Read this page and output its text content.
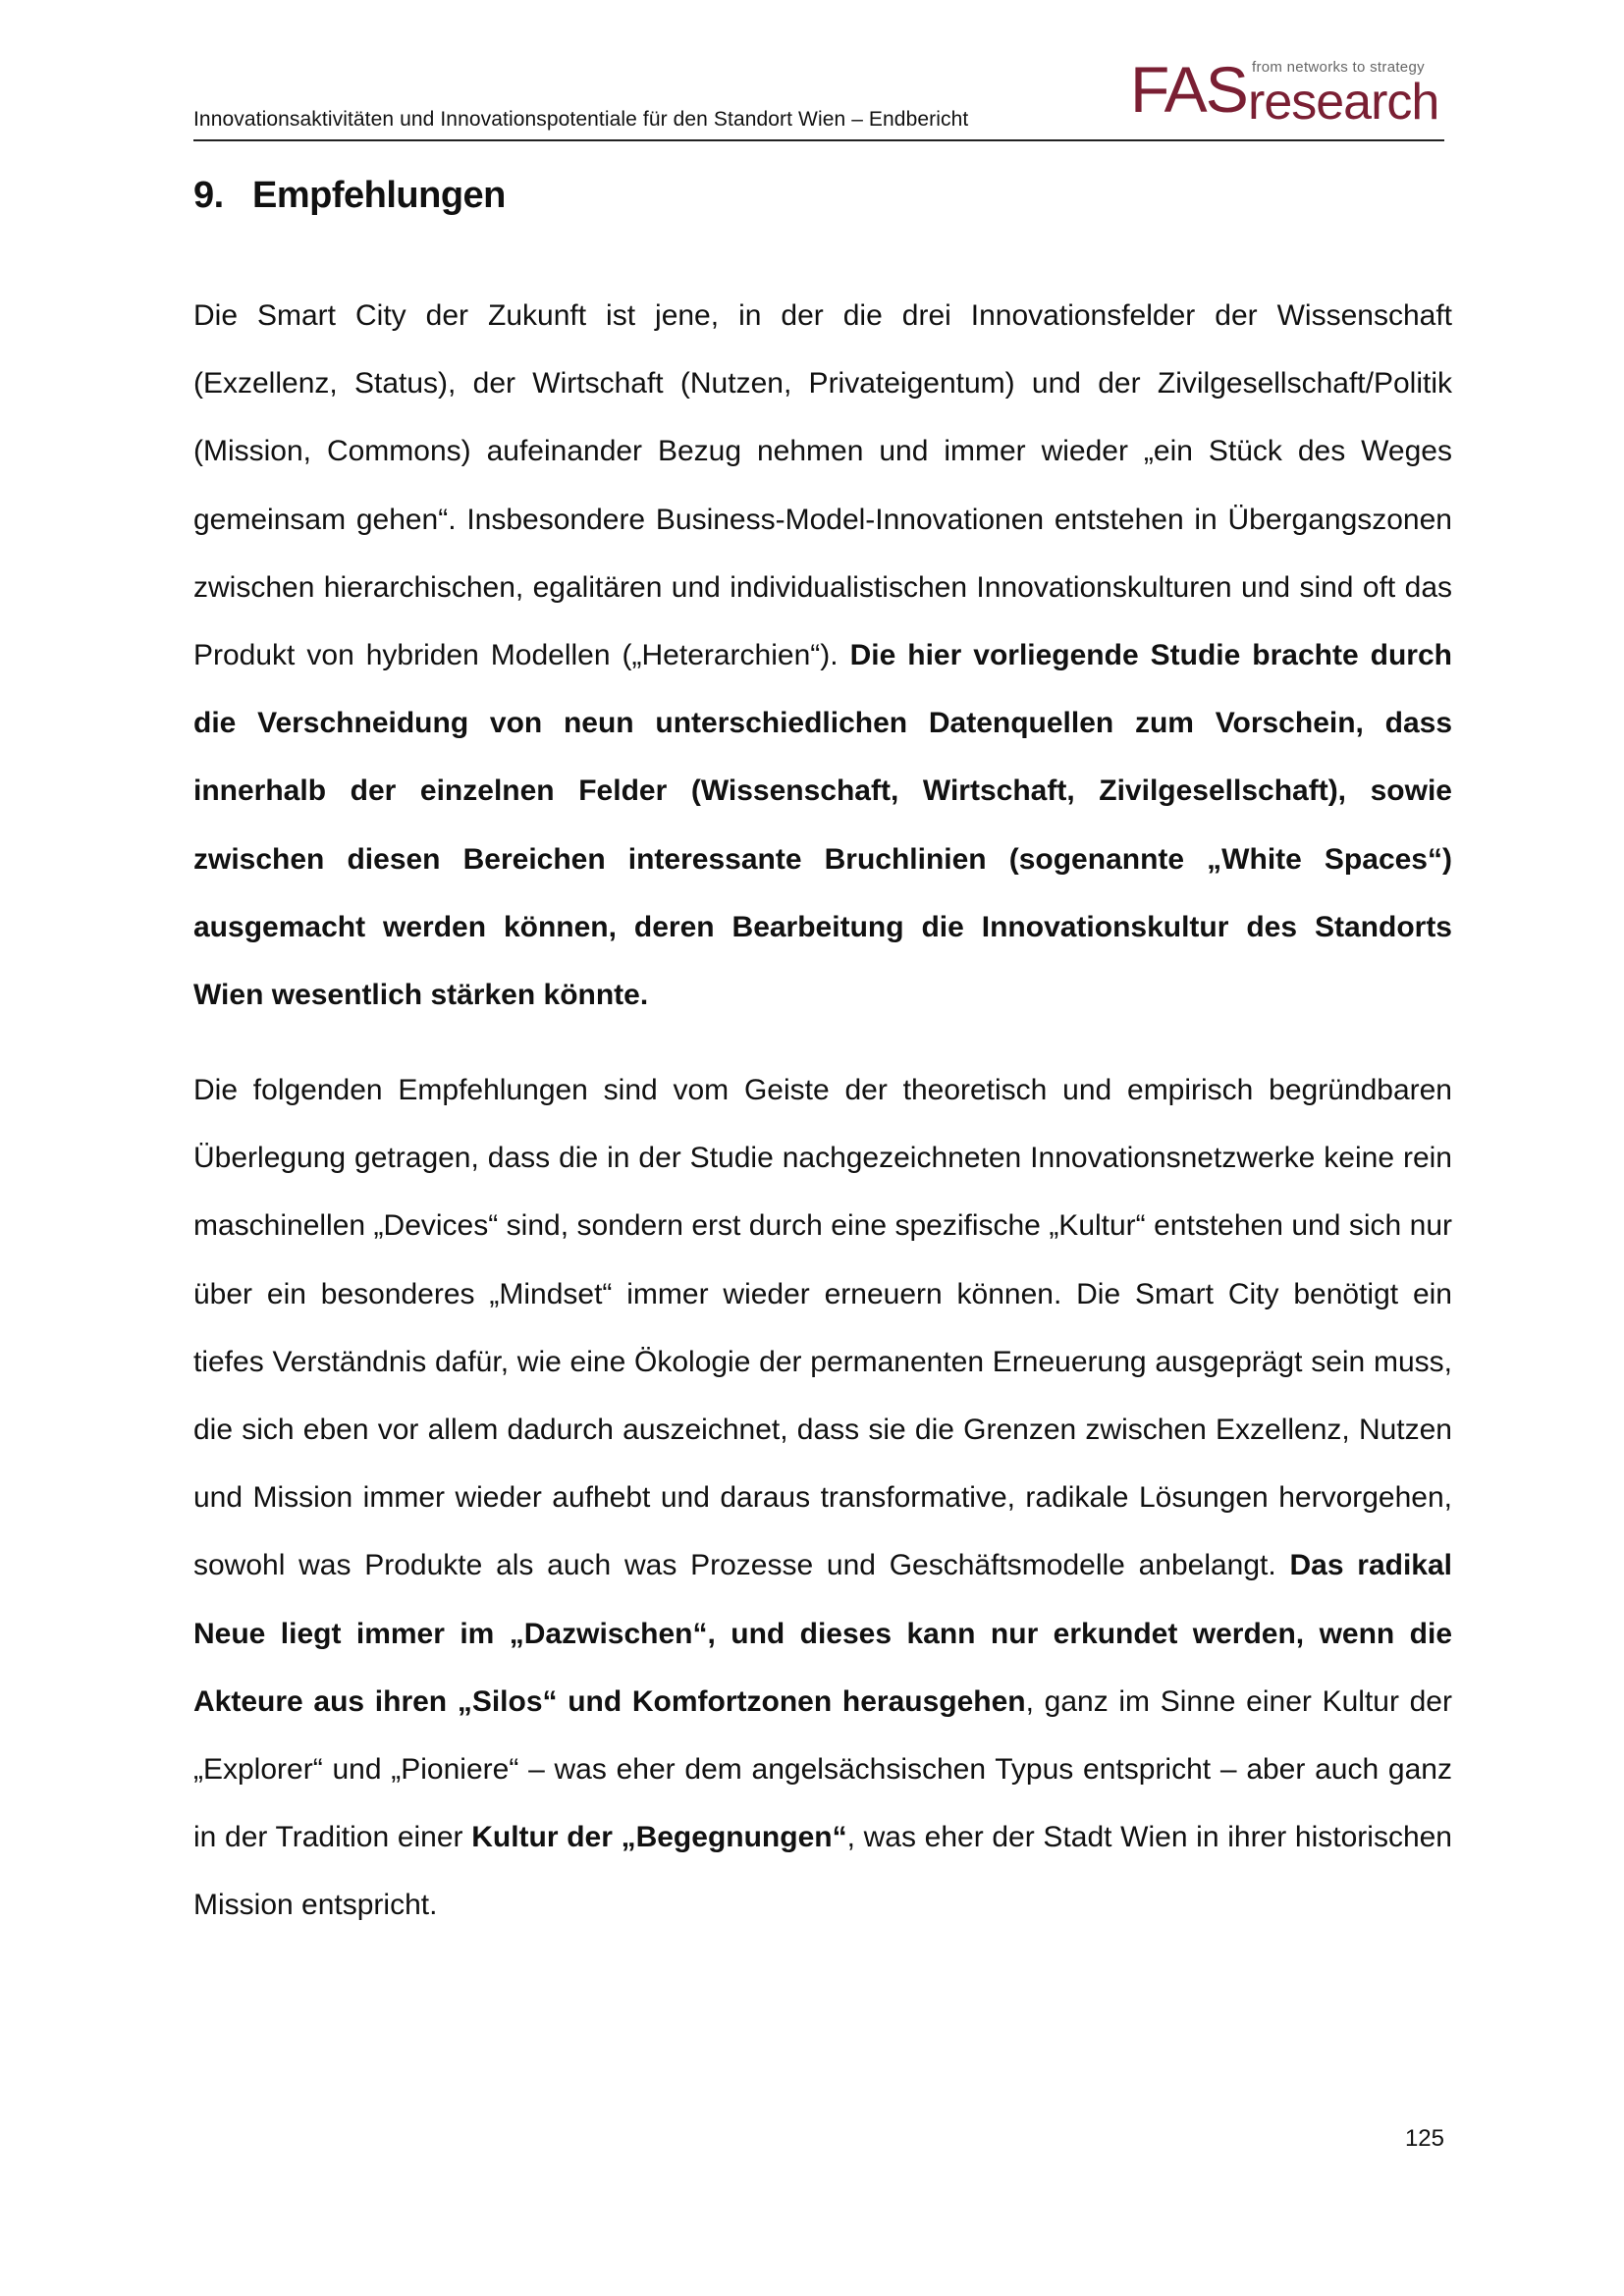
Innovationsaktivitäten und Innovationspotentiale für den Standort Wien – Endbericht FAS from networks to strategy
research
9. Empfehlungen

Die Smart City der Zukunft ist jene, in der die drei Innovationsfelder der Wissenschaft (Exzellenz, Status), der Wirtschaft (Nutzen, Privateigentum) und der Zivilgesellschaft/Politik (Mission, Commons) aufeinander Bezug nehmen und immer wieder „ein Stück des Weges gemeinsam gehen“. Insbesondere Business-Model-Innovationen entstehen in Übergangszonen zwischen hierarchischen, egalitären und individualistischen Innovationskulturen und sind oft das Produkt von hybriden Modellen („Heterarchien“). Die hier vorliegende Studie brachte durch die Verschneidung von neun unterschiedlichen Datenquellen zum Vorschein, dass innerhalb der einzelnen Felder (Wissenschaft, Wirtschaft, Zivilgesellschaft), sowie zwischen diesen Bereichen interessante Bruchlinien (sogenannte „White Spaces“) ausgemacht werden können, deren Bearbeitung die Innovationskultur des Standorts Wien wesentlich stärken könnte.

Die folgenden Empfehlungen sind vom Geiste der theoretisch und empirisch begründbaren Überlegung getragen, dass die in der Studie nachgezeichneten Innovationsnetzwerke keine rein maschinellen „Devices“ sind, sondern erst durch eine spezifische „Kultur“ entstehen und sich nur über ein besonderes „Mindset“ immer wieder erneuern können. Die Smart City benötigt ein tiefes Verständnis dafür, wie eine Ökologie der permanenten Erneuerung ausgeprägt sein muss, die sich eben vor allem dadurch auszeichnet, dass sie die Grenzen zwischen Exzellenz, Nutzen und Mission immer wieder aufhebt und daraus transformative, radikale Lösungen hervorgehen, sowohl was Produkte als auch was Prozesse und Geschäftsmodelle anbelangt. Das radikal Neue liegt immer im „Dazwischen“, und dieses kann nur erkundet werden, wenn die Akteure aus ihren „Silos“ und Komfortzonen herausgehen, ganz im Sinne einer Kultur der „Explorer“ und „Pioniere“ – was eher dem angelsächsischen Typus entspricht – aber auch ganz in der Tradition einer Kultur der „Begegnungen“, was eher der Stadt Wien in ihrer historischen Mission entspricht.

125
